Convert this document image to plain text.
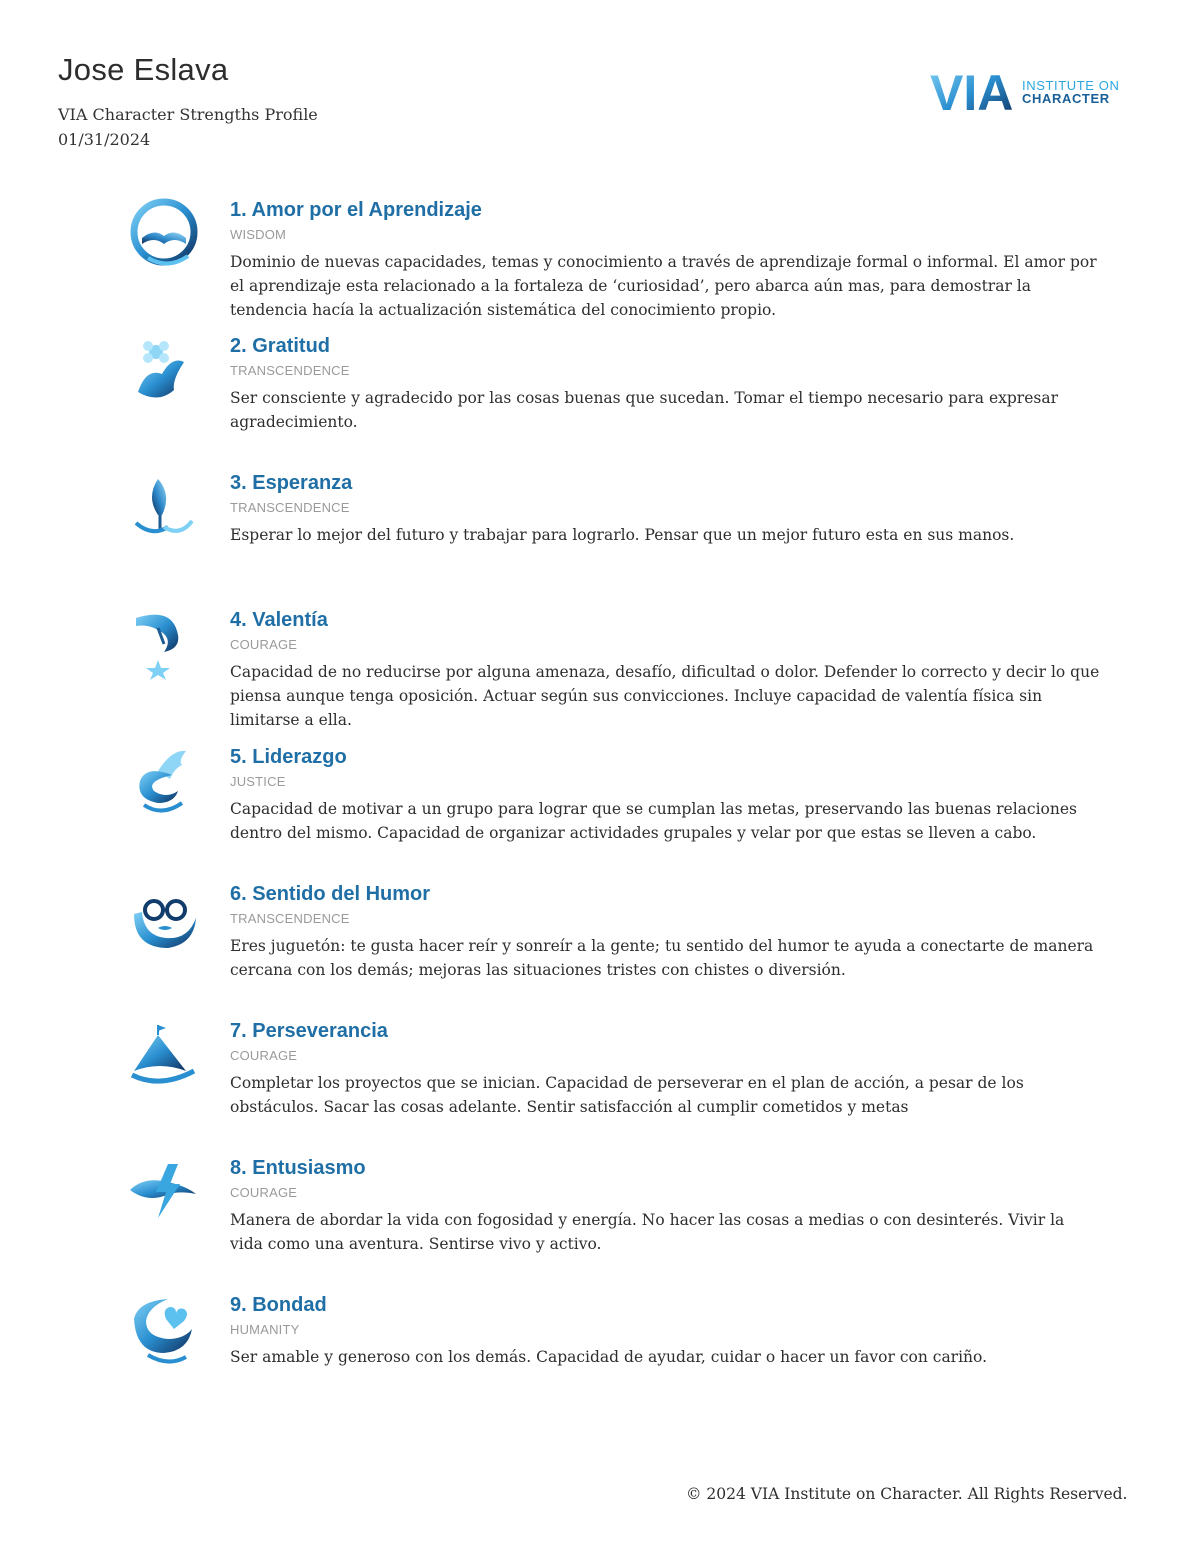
Jose Eslava
VIA Character Strengths Profile
01/31/2024
VIA INSTITUTE ON
CHARACTER
1. Amor por el Aprendizaje
WISDOM
Dominio de nuevas capacidades, temas y conocimiento a través de aprendizaje formal o informal. El amor por el aprendizaje esta relacionado a la fortaleza de ‘curiosidad’, pero abarca aún mas, para demostrar la tendencia hacía la actualización sistemática del conocimiento propio.
2. Gratitud
TRANSCENDENCE
Ser consciente y agradecido por las cosas buenas que sucedan. Tomar el tiempo necesario para expresar agradecimiento.
3. Esperanza
TRANSCENDENCE
Esperar lo mejor del futuro y trabajar para lograrlo. Pensar que un mejor futuro esta en sus manos.
4. Valentía
COURAGE
Capacidad de no reducirse por alguna amenaza, desafío, dificultad o dolor. Defender lo correcto y decir lo que piensa aunque tenga oposición. Actuar según sus convicciones. Incluye capacidad de valentía física sin limitarse a ella.
5. Liderazgo
JUSTICE
Capacidad de motivar a un grupo para lograr que se cumplan las metas, preservando las buenas relaciones dentro del mismo. Capacidad de organizar actividades grupales y velar por que estas se lleven a cabo.
6. Sentido del Humor
TRANSCENDENCE
Eres juguetón: te gusta hacer reír y sonreír a la gente; tu sentido del humor te ayuda a conectarte de manera cercana con los demás; mejoras las situaciones tristes con chistes o diversión.
7. Perseverancia
COURAGE
Completar los proyectos que se inician. Capacidad de perseverar en el plan de acción, a pesar de los obstáculos. Sacar las cosas adelante. Sentir satisfacción al cumplir cometidos y metas
8. Entusiasmo
COURAGE
Manera de abordar la vida con fogosidad y energía. No hacer las cosas a medias o con desinterés. Vivir la vida como una aventura. Sentirse vivo y activo.
9. Bondad
HUMANITY
Ser amable y generoso con los demás. Capacidad de ayudar, cuidar o hacer un favor con cariño.
© 2024 VIA Institute on Character. All Rights Reserved.
